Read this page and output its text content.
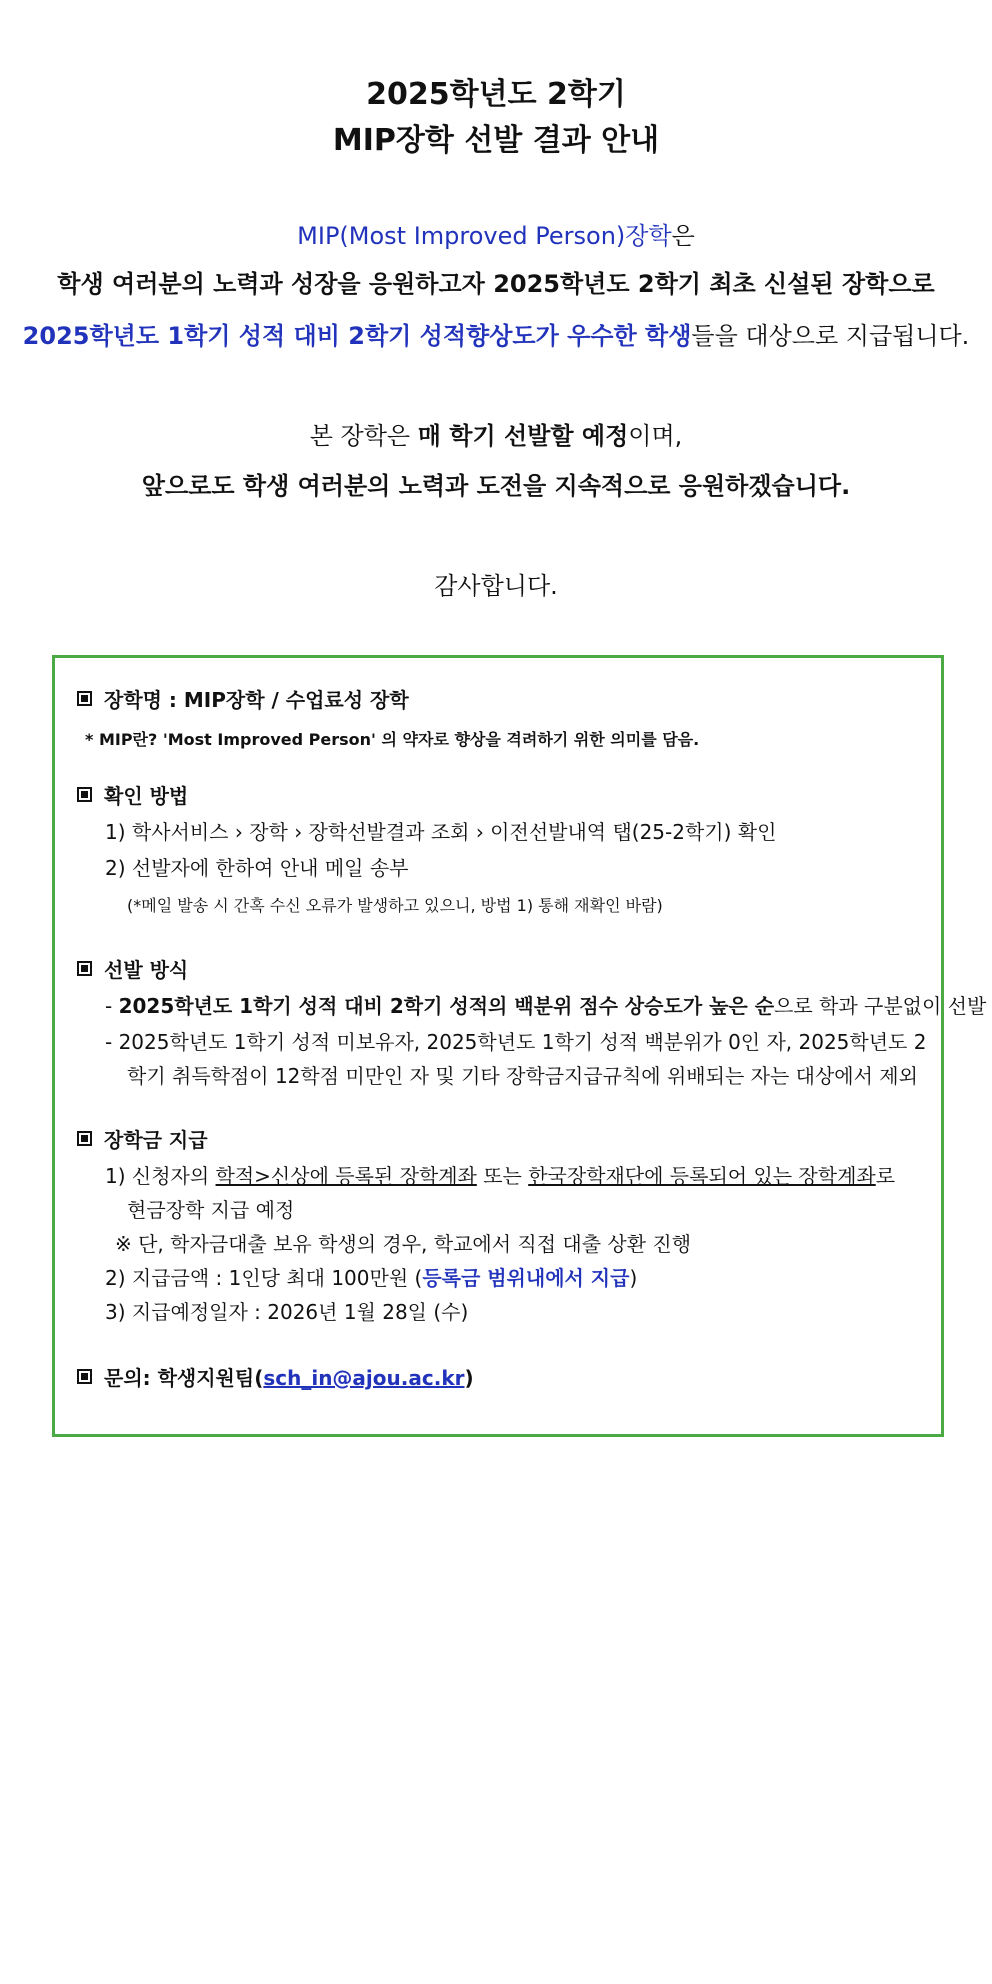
2025학년도 2학기
MIP장학 선발 결과 안내
MIP(Most Improved Person)장학은
학생 여러분의 노력과 성장을 응원하고자 2025학년도 2학기 최초 신설된 장학으로
2025학년도 1학기 성적 대비 2학기 성적향상도가 우수한 학생들을 대상으로 지급됩니다.
본 장학은 매 학기 선발할 예정이며,
앞으로도 학생 여러분의 노력과 도전을 지속적으로 응원하겠습니다.
감사합니다.
장학명 : MIP장학 / 수업료성 장학
* MIP란? 'Most Improved Person' 의 약자로 향상을 격려하기 위한 의미를 담음.
확인 방법
1) 학사서비스 › 장학 › 장학선발결과 조회 › 이전선발내역 탭(25-2학기) 확인
2) 선발자에 한하여 안내 메일 송부
(*메일 발송 시 간혹 수신 오류가 발생하고 있으니, 방법 1) 통해 재확인 바람)
선발 방식
- 2025학년도 1학기 성적 대비 2학기 성적의 백분위 점수 상승도가 높은 순으로 학과 구분없이 선발
- 2025학년도 1학기 성적 미보유자, 2025학년도 1학기 성적 백분위가 0인 자, 2025학년도 2
학기 취득학점이 12학점 미만인 자 및 기타 장학금지급규칙에 위배되는 자는 대상에서 제외
장학금 지급
1) 신청자의 학적>신상에 등록된 장학계좌 또는 한국장학재단에 등록되어 있는 장학계좌로
현금장학 지급 예정
※ 단, 학자금대출 보유 학생의 경우, 학교에서 직접 대출 상환 진행
2) 지급금액 : 1인당 최대 100만원 (등록금 범위내에서 지급)
3) 지급예정일자 : 2026년 1월 28일 (수)
문의: 학생지원팀(sch_in@ajou.ac.kr)
